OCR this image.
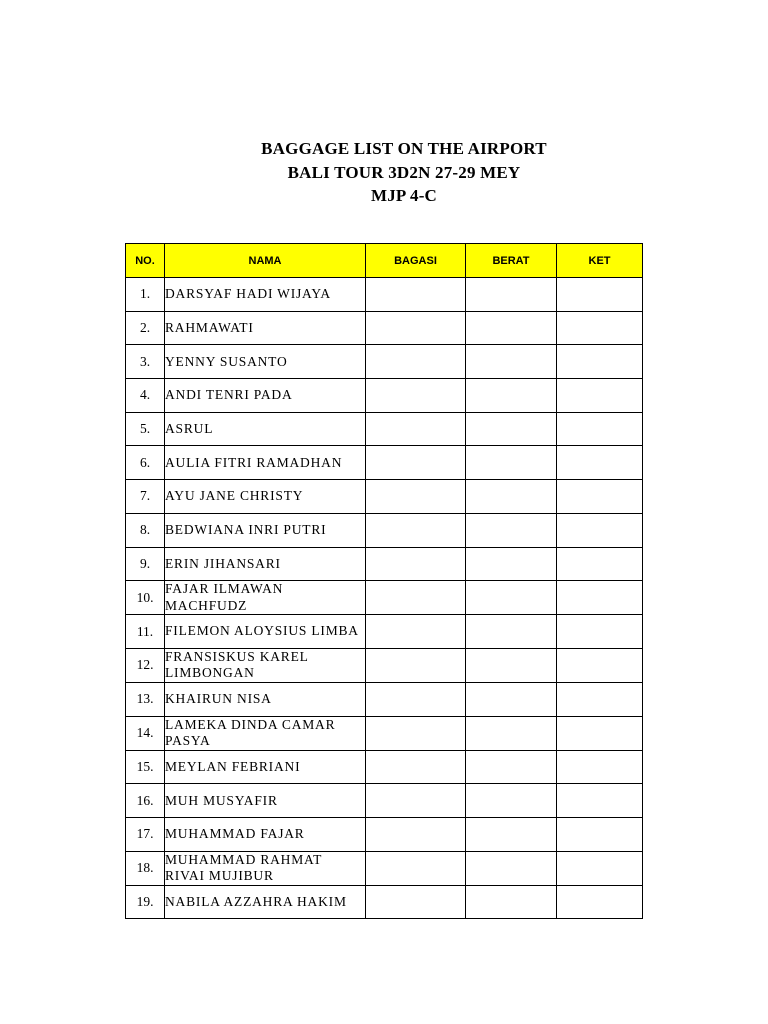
BAGGAGE LIST ON THE AIRPORT
BALI TOUR 3D2N 27-29 MEY
MJP 4-C
NO.	NAMA	BAGASI	BERAT	KET
1.	DARSYAF HADI WIJAYA			
2.	RAHMAWATI			
3.	YENNY SUSANTO			
4.	ANDI TENRI PADA			
5.	ASRUL			
6.	AULIA FITRI RAMADHAN			
7.	AYU JANE CHRISTY			
8.	BEDWIANA INRI PUTRI			
9.	ERIN JIHANSARI			
10.	FAJAR ILMAWAN MACHFUDZ			
11.	FILEMON ALOYSIUS LIMBA			
12.	FRANSISKUS KAREL LIMBONGAN			
13.	KHAIRUN NISA			
14.	LAMEKA DINDA CAMAR PASYA			
15.	MEYLAN FEBRIANI			
16.	MUH MUSYAFIR			
17.	MUHAMMAD FAJAR			
18.	MUHAMMAD RAHMAT RIVAI MUJIBUR			
19.	NABILA AZZAHRA HAKIM			
